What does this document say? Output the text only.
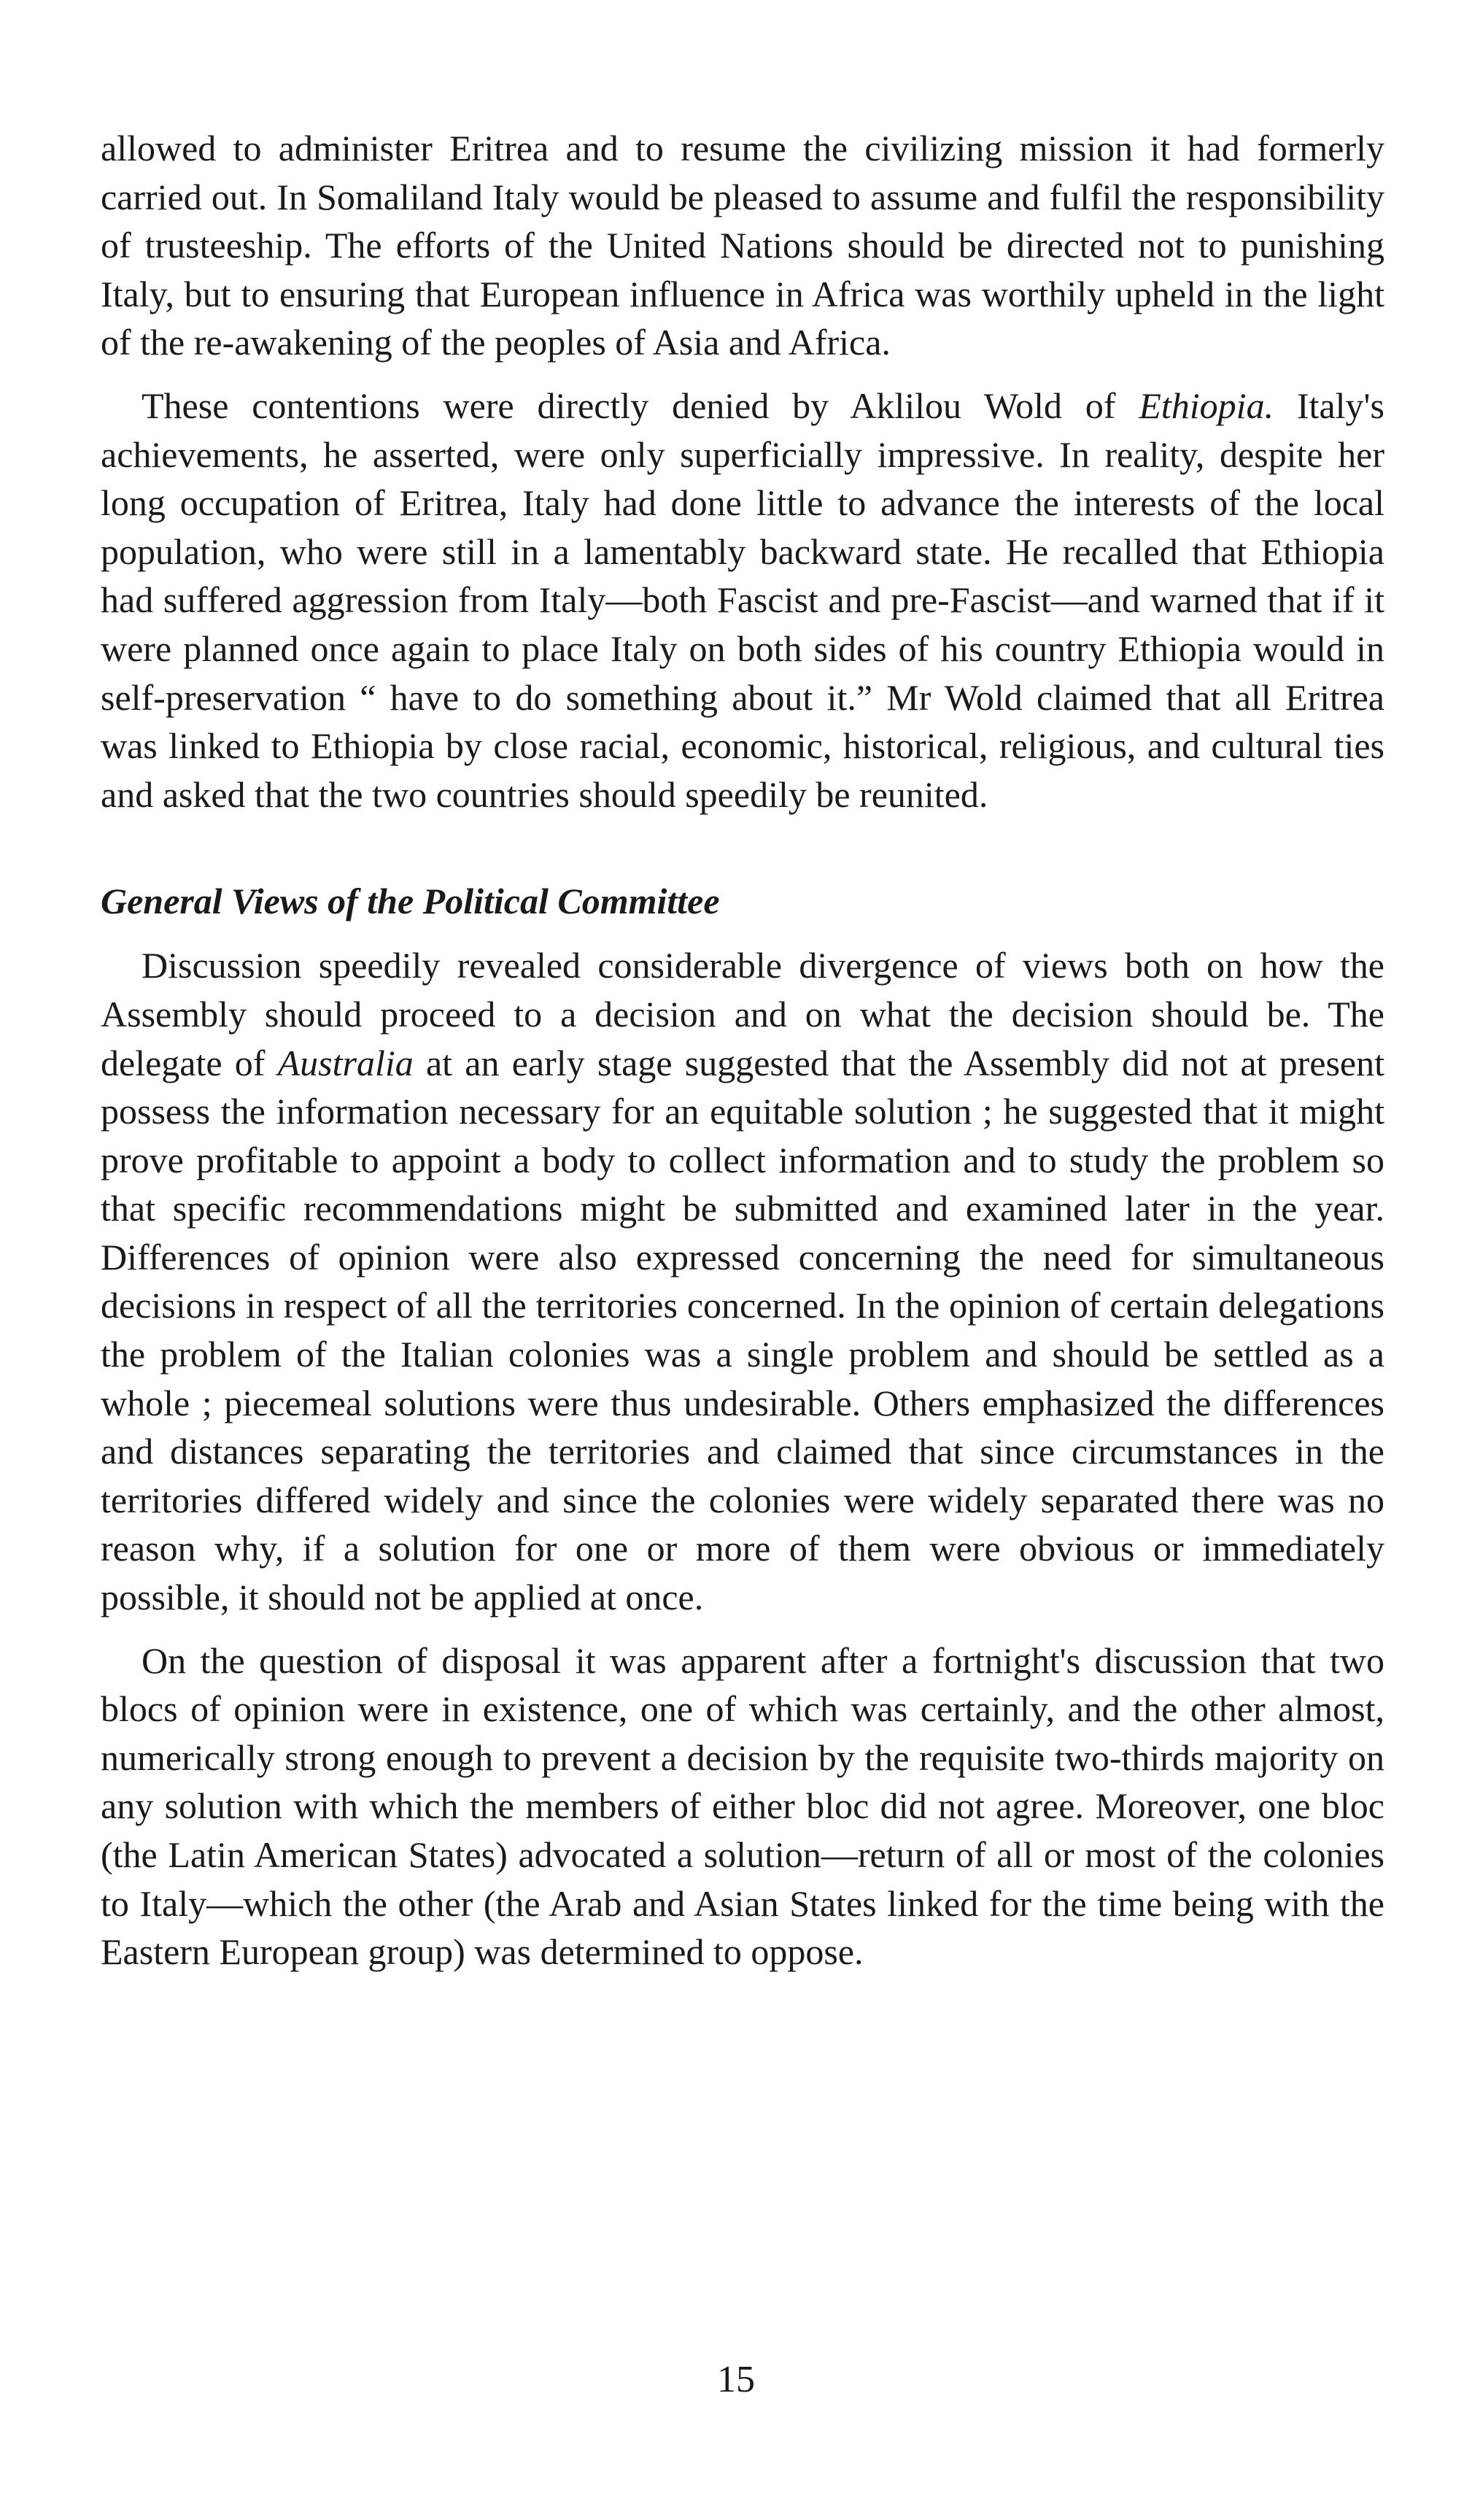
allowed to administer Eritrea and to resume the civilizing mission it had formerly carried out. In Somaliland Italy would be pleased to assume and fulfil the responsibility of trusteeship. The efforts of the United Nations should be directed not to punishing Italy, but to ensuring that European influence in Africa was worthily upheld in the light of the re-awakening of the peoples of Asia and Africa.

These contentions were directly denied by Aklilou Wold of Ethiopia. Italy's achievements, he asserted, were only superficially impressive. In reality, despite her long occupation of Eritrea, Italy had done little to advance the interests of the local population, who were still in a lamentably backward state. He recalled that Ethiopia had suffered aggression from Italy—both Fascist and pre-Fascist—and warned that if it were planned once again to place Italy on both sides of his country Ethiopia would in self-preservation “ have to do something about it.” Mr Wold claimed that all Eritrea was linked to Ethiopia by close racial, economic, historical, religious, and cultural ties and asked that the two countries should speedily be reunited.

General Views of the Political Committee

Discussion speedily revealed considerable divergence of views both on how the Assembly should proceed to a decision and on what the decision should be. The delegate of Australia at an early stage suggested that the Assembly did not at present possess the information necessary for an equitable solution ; he suggested that it might prove profitable to appoint a body to collect information and to study the problem so that specific recommendations might be submitted and examined later in the year. Differences of opinion were also expressed concerning the need for simultaneous decisions in respect of all the territories concerned. In the opinion of certain delegations the problem of the Italian colonies was a single problem and should be settled as a whole ; piecemeal solutions were thus undesirable. Others emphasized the differences and distances separating the territories and claimed that since circumstances in the territories differed widely and since the colonies were widely separated there was no reason why, if a solution for one or more of them were obvious or immediately possible, it should not be applied at once.

On the question of disposal it was apparent after a fortnight's discussion that two blocs of opinion were in existence, one of which was certainly, and the other almost, numerically strong enough to prevent a decision by the requisite two-thirds majority on any solution with which the members of either bloc did not agree. Moreover, one bloc (the Latin American States) advocated a solution—return of all or most of the colonies to Italy—which the other (the Arab and Asian States linked for the time being with the Eastern European group) was determined to oppose.

15
